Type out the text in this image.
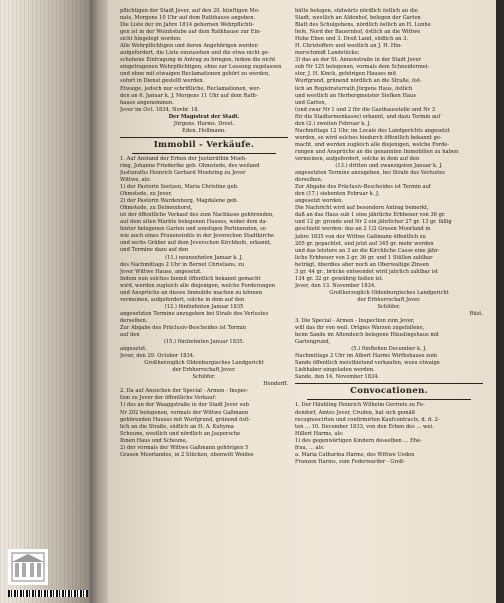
pflichtigen der Stadt Jever, auf den 20. künftigen Mo-
nats, Morgens 10 Uhr auf dem Rathhause angeben.
Die Liste der im Jahre 1814 gebornen Wehrpflichti-
gen ist in der Weinhstube auf dem Rathhause zur Ein-
sicht hingelegt worden.
Alle Wehrpflichtigen und deren Angehörigen werden
aufgefordert, die Liste einzusehen und die etwa nicht ge-
schehene Eintragung in Antrag zu bringen, indem die nicht
eingetragenen Wehrpflichtigen, ohne zur Loosung zugelassen
und ohne mit etwaigen Reclamationen gehört zu werden,
sofort in Dienst gestellt werden.
Etwaige, jedoch nur schriftliche, Reclamationen, wer-
den an 6. Januar k. J. Morgens 11 Uhr auf dem Rath-
hause angenommen.
Jever im Oct. 1834, Novbr. 18.
Der Magistrat der Stadt.
Jürgens. Harms. Drost.
Eden. Hollmann.
Immobil - Verkäufe.
1. Auf Anstand der Erben der Justizräthin Moeh-
ring, Johanne Friederike geb. Ohmstede, des weiland
Justizraths Heinrich Gerhard Moehring zu Jever
Wittwe, als:
1) der Pastorin Seetzen, Maria Christine geb.
Ohmstede, zu Jever,
2) der Pastorin Wardenburg, Magdalene geb.
Ohmstede, zu Delmenhorst,
ist der öffentliche Verkauf des zum Nachlasse gehörenden,
auf dem alten Markte belegenen Hauses, wobei dem da-
hinter belegenen Garten und sonstigen Pertinenzien, so
wie auch eines Frauenstuhls in der Jeverschen Stadtkirche
und sechs Gräber auf dem Jeverschen Kirchhofe, erkannt,
und Termine dazu auf den
(11.) neunzehnten Januar k. J.
des Nachmittags 2 Uhr in Bernet Christians, zu
Jever Wittwe Hause, angesetzt.
Indem nun solches hiemit öffentlich bekannt gemacht
wird, werden zugleich alle diejenigen, welche Forderungen
und Ansprüche an dieses Immobile machen zu können
vermeinen, aufgefordert, solche in dem auf den
(12.) fünfzehnten Januar 1835
angesetzten Termine anzugeben bei Strafe des Verlustes
derselben.
Zur Abgabe des Präclusiv-Bescheides ist Termin
auf den
(15.) fünfzehnten Januar 1835.
angesetzt.
Jever, den 29. October 1834.
Großherzoglich Oldenburgisches Landgericht
der Erbherrschaft Jever.
Schlöfer.
Hendorff.
2. Da auf Ansuchen der Special - Armen - Inspec-
tion zu Jever der öffentliche Verkauf:
1) des an der Waaggstraße in der Stadt Jever sub
Nr 202 belegenen, vormals der Wittwe Gaßmann
gehörenden Hauses mit Wurfgrund, grünend östl-
lich an die Straße, südlich an H. A. Kuhyma
Scheune, westlich und nördlich an Jaspersche
Ihnen Haus und Scheune,
2) der vormals der Wittwe Gaßmann gehörigen 5
Grasen Moorlandes, in 2 Stücken, obenwitt Weides
hätte belegen, südwärts nördlich östlich an die
Stadt, westlich an Aldenhof, belegen der Garten
Blatt des Schulgehens, nördlich östlich an H. Lunhe
liefe, Nord der Bauernhof, östlich an die Wittwe
Hohe Eben und 3. Dreß Land, südlich an 3.
H. Christoffers und westlich an J. H. Hin-
merschmidt Landstücke;
3) das an der St. Annenstraße in der Stadt Jever
sub Nr 125 belegenen, vormals dem Schneidermei-
ster, J. H. Kinck, gehörigen Hauses mit
Wurfgrund, grünend nördlich an die Straße, öst-
lich an Registraturrath Jürgens Haus, östlich
und westlich an Herbergmeister Siefken Haus
und Garten,
(und zwar Nr 1 und 2 für die Gasthausstelle und Nr 3
für die Stadtarmenkasse) erkannt, und dazu Termin auf
den (2.) zweiten Februar k. J.
Nachmittags 12 Uhr, im Locale des Landgerichts angesetzt
worden, so wird solches hiedurch öffentlich bekannt ge-
macht, und werden zugleich alle diejenigen, welche Forde-
rungen und Ansprüche an die genannten Immobilien zu haben
vermeinen, aufgefordert, solche in dem auf den
(13.) dritten und zwanzigsten Januar k. J.
angesetzten Termine anzugeben, bei Strafe des Verlustes
derselben.
Zur Abgabe des Präclusiv-Bescheides ist Termin auf
den (17.) siebenten Februar k. J.
angesetzt worden.
Die Nachricht wird auf besondern Antrag bemerkt,
daß an das Haus sub 1 eine jährliche Erbheuer von 36 gr.
und 12 gr. grunde und Nr 2 ein jährlicher 27 gr. 13 gr. fällig
geschieht werden: das an 2 1/2 Grasen Moorland in
Jahre 1835 von der Wittwe Gaßmann öffentlich zu
205 gr. gepachtet, und jetzt auf 345 gr. mehr worden
und das letztere an 3 an die Kirchliche Casse eine jähr-
liche Erbheuer von 2 gr. 36 gr. und 1 Stüllen zahlbar
beträgt, überdies aber noch an Oberwaltige Zinsen
3 gr. 44 gr., brücke entwendet wird jahrlich zahlbar ist
134 gr. 32 gr. gewährig ließen ist.
Jever, den 13. November 1834.
Großherzoglich Oldenburgisches Landgericht
der Erbherrschaft Jever.
Schlöfer.
Rüst.
3. Die Special - Armen - Inspection zum Jever,
will das ihr von weil. Ortgies Warzen zugefallene,
beim Sande im Altendeich belegene Häuslingshaus mit
Gartengrund,
(5.) fünftehen December k. J.
Nachmittags 2 Uhr im Albert Harms Wirthshause zum
Sande öffentlich meistbietend verkaufen, wozu etwaige
Liebhaber eingeladen werden.
Sande, den 14. November 1834.
Convocationen.
1. Der Häuhling Heinrich Wilhelm Gerriets zu Fe-
dendorf, Amtes Jever, Cruden, hat sich gemäß
recognoscirten und confirmirten Kaufcontracts, d. d. 2-
ten ... 10. December 1833, von den Erben des ... wei.
Hillert Harms, als:
1) des gegenwärtigen Kindern desselben ... Ehe-
frau, ... als:
a. Maria Catharina Harms, des Wittwe Ueden
Franzen Harms, zum Federwarder - Groß-
